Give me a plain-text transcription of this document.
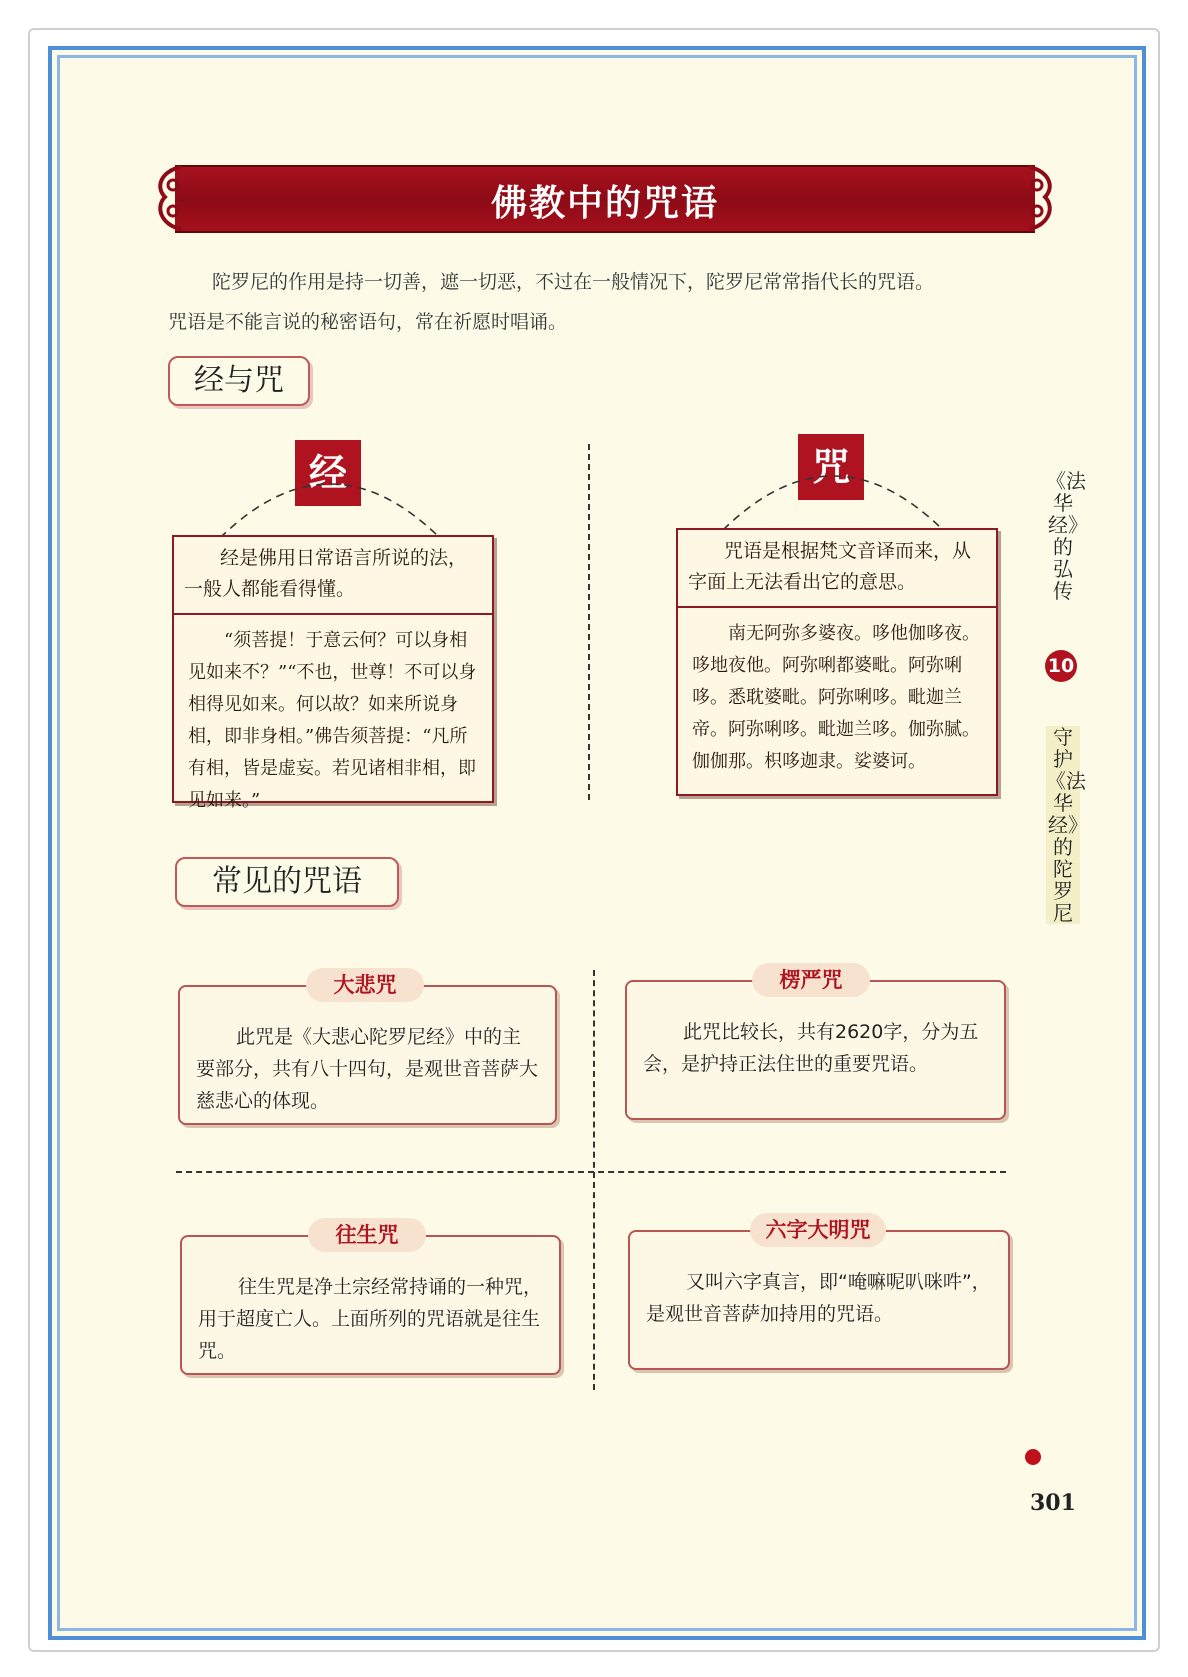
佛教中的咒语

陀罗尼的作用是持一切善，遮一切恶，不过在一般情况下，陀罗尼常常指代长的咒语。

咒语是不能言说的秘密语句，常在祈愿时唱诵。

经与咒
经
经是佛用日常语言所说的法，一般人都能看得懂。
“须菩提！于意云何？可以身相见如来不？”“不也，世尊！不可以身相得见如来。何以故？如来所说身相，即非身相。”佛告须菩提：“凡所有相，皆是虚妄。若见诸相非相，即见如来。”
咒
咒语是根据梵文音译而来，从字面上无法看出它的意思。
南无阿弥多婆夜。哆他伽哆夜。哆地夜他。阿弥唎都婆毗。阿弥唎哆。悉耽婆毗。阿弥唎哆。毗迦兰帝。阿弥唎哆。毗迦兰哆。伽弥腻。伽伽那。枳哆迦隶。娑婆诃。
常见的咒语
此咒是《大悲心陀罗尼经》中的主要部分，共有八十四句，是观世音菩萨大慈悲心的体现。
大悲咒
此咒比较长，共有2620字，分为五会，是护持正法住世的重要咒语。
楞严咒
往生咒是净土宗经常持诵的一种咒，用于超度亡人。上面所列的咒语就是往生咒。
往生咒
又叫六字真言，即“唵嘛呢叭咪吽”，是观世音菩萨加持用的咒语。
六字大明咒
《法华经》的弘传
10
守护《法华经》的陀罗尼
301
